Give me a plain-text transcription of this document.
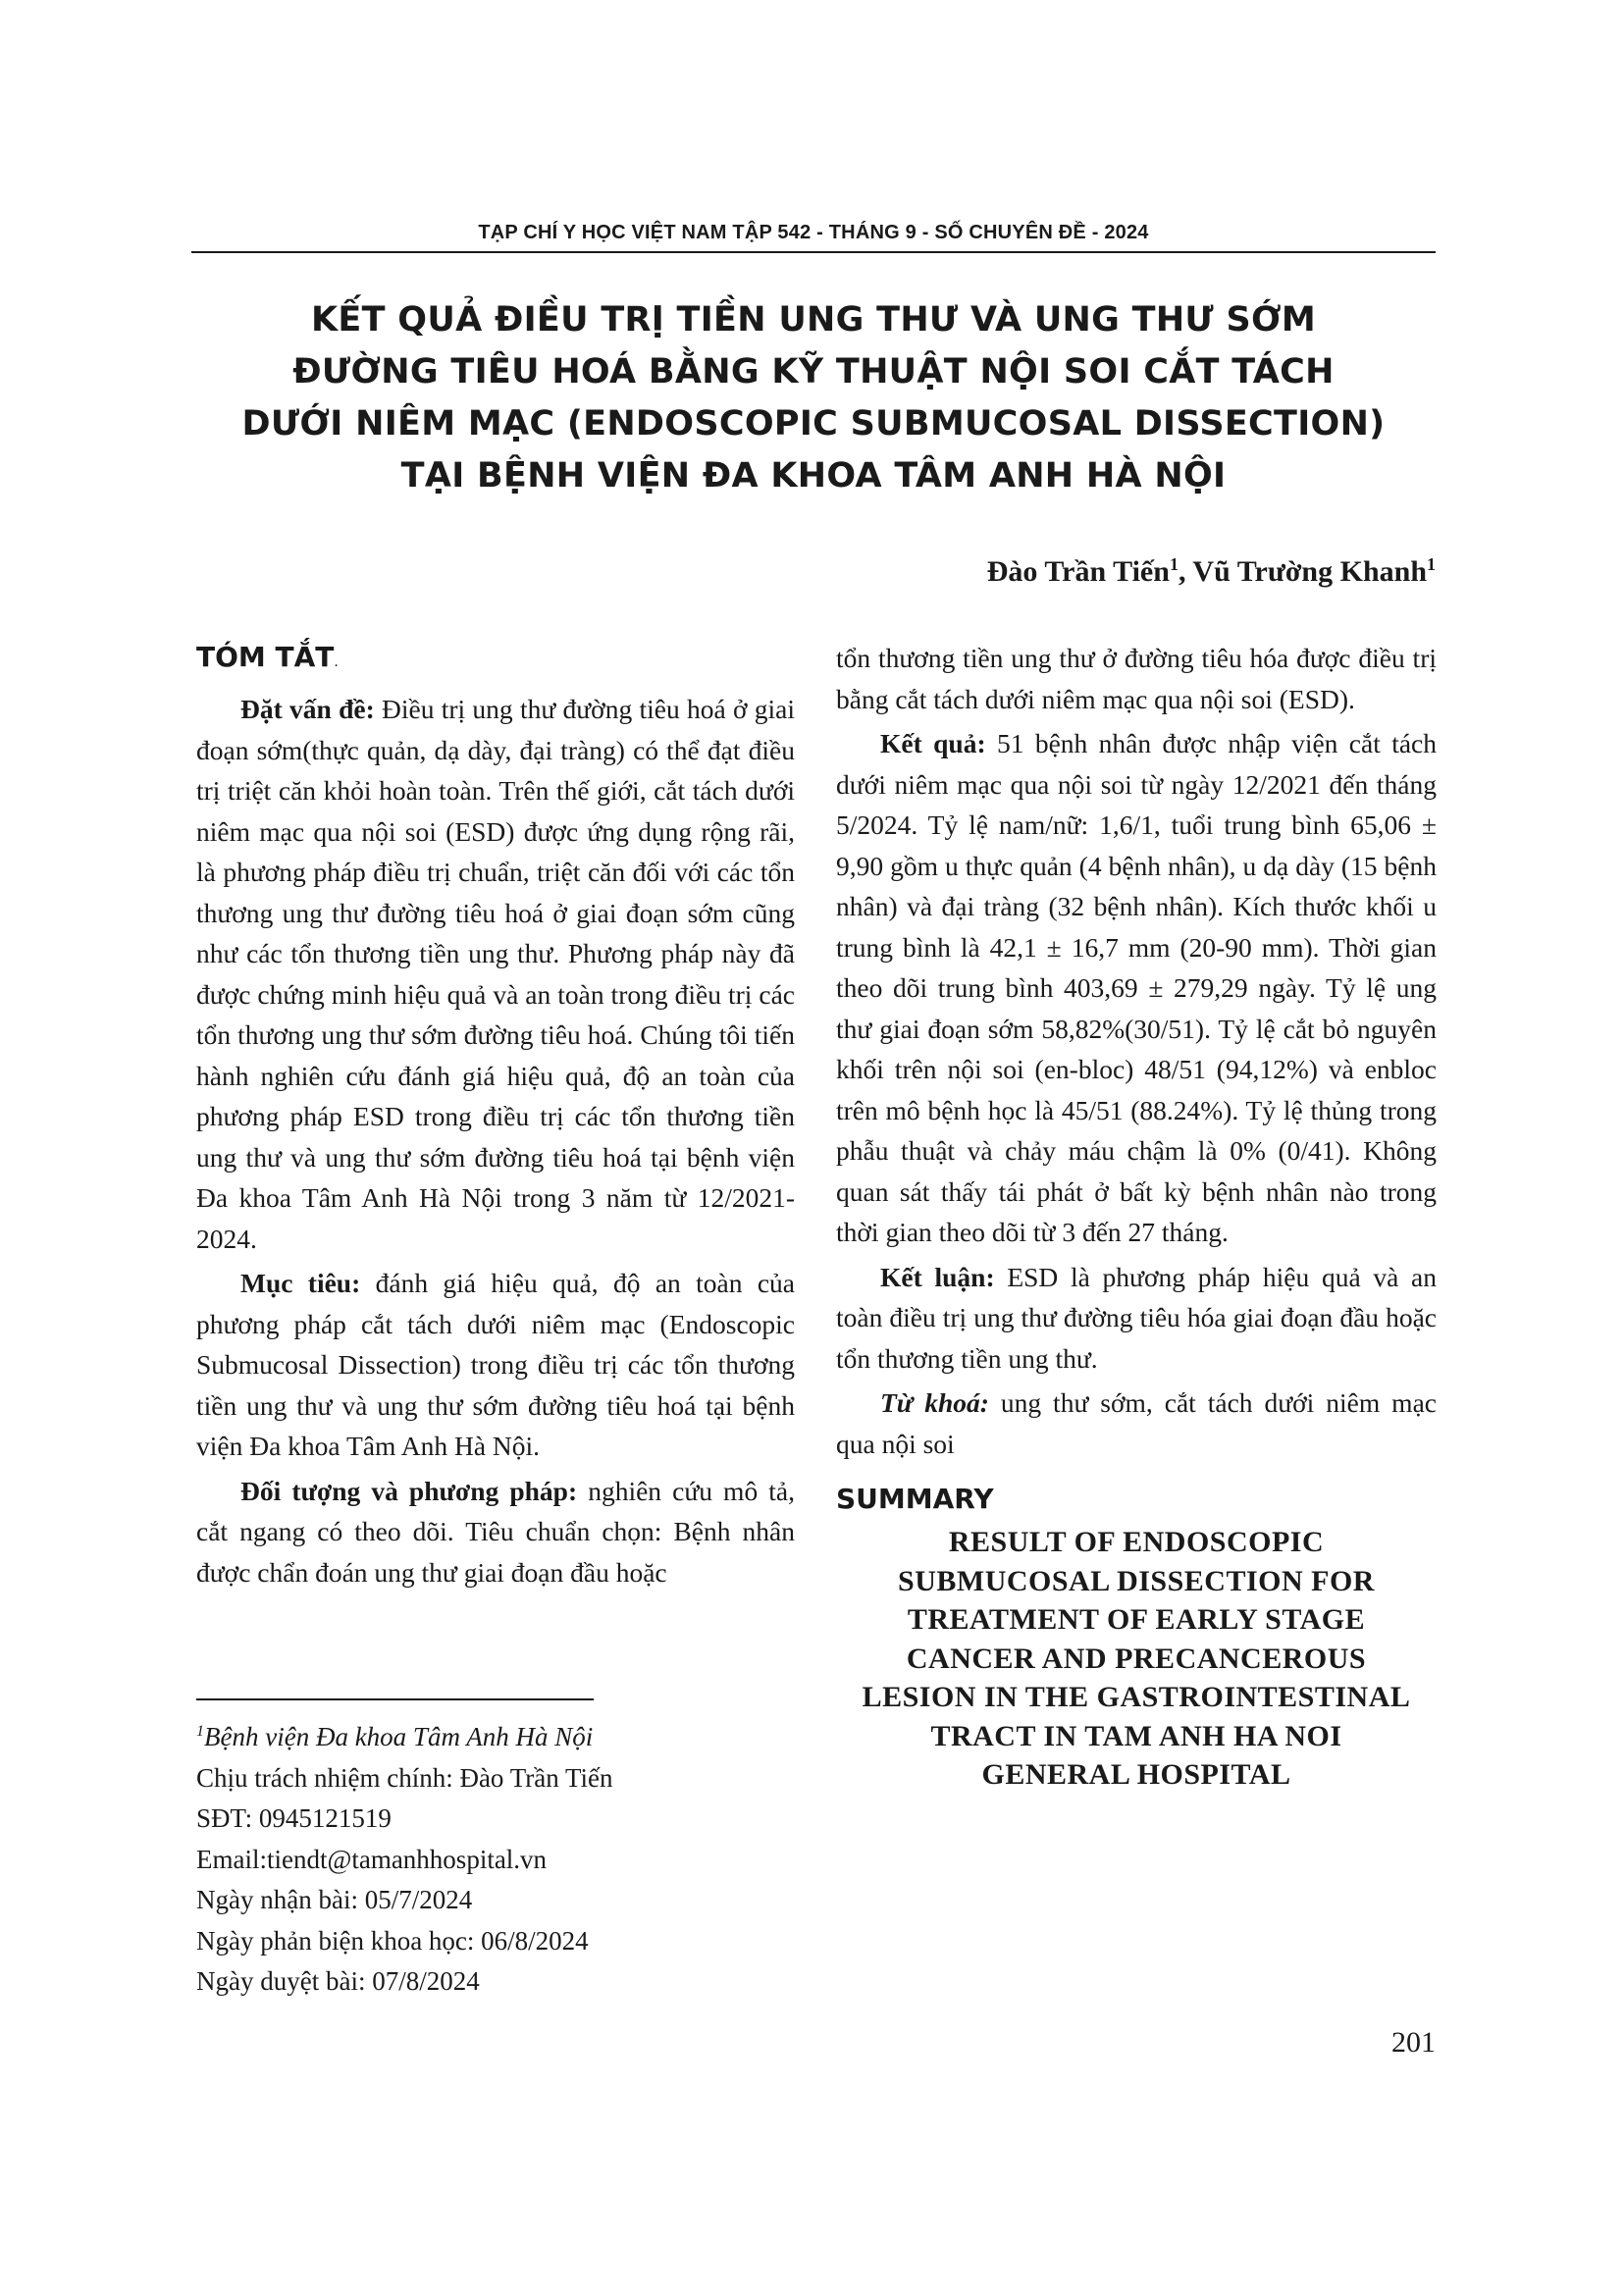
TẠP CHÍ Y HỌC VIỆT NAM TẬP 542 - THÁNG 9 - SỐ CHUYÊN ĐỀ - 2024
KẾT QUẢ ĐIỀU TRỊ TIỀN UNG THƯ VÀ UNG THƯ SỚM
ĐƯỜNG TIÊU HOÁ BẰNG KỸ THUẬT NỘI SOI CẮT TÁCH
DƯỚI NIÊM MẠC (ENDOSCOPIC SUBMUCOSAL DISSECTION)
TẠI BỆNH VIỆN ĐA KHOA TÂM ANH HÀ NỘI
Đào Trần Tiến$^1$, Vũ Trường Khanh$^1$
TÓM TẮT.

Đặt vấn đề: Điều trị ung thư đường tiêu hoá ở giai đoạn sớm(thực quản, dạ dày, đại tràng) có thể đạt điều trị triệt căn khỏi hoàn toàn. Trên thế giới, cắt tách dưới niêm mạc qua nội soi (ESD) được ứng dụng rộng rãi, là phương pháp điều trị chuẩn, triệt căn đối với các tổn thương ung thư đường tiêu hoá ở giai đoạn sớm cũng như các tổn thương tiền ung thư. Phương pháp này đã được chứng minh hiệu quả và an toàn trong điều trị các tổn thương ung thư sớm đường tiêu hoá. Chúng tôi tiến hành nghiên cứu đánh giá hiệu quả, độ an toàn của phương pháp ESD trong điều trị các tổn thương tiền ung thư và ung thư sớm đường tiêu hoá tại bệnh viện Đa khoa Tâm Anh Hà Nội trong 3 năm từ 12/2021- 2024.

Mục tiêu: đánh giá hiệu quả, độ an toàn của phương pháp cắt tách dưới niêm mạc (Endoscopic Submucosal Dissection) trong điều trị các tổn thương tiền ung thư và ung thư sớm đường tiêu hoá tại bệnh viện Đa khoa Tâm Anh Hà Nội.

Đối tượng và phương pháp: nghiên cứu mô tả, cắt ngang có theo dõi. Tiêu chuẩn chọn: Bệnh nhân được chẩn đoán ung thư giai đoạn đầu hoặc

$^1$Bệnh viện Đa khoa Tâm Anh Hà Nội
Chịu trách nhiệm chính: Đào Trần Tiến
SĐT: 0945121519
Email:tiendt@tamanhhospital.vn
Ngày nhận bài: 05/7/2024
Ngày phản biện khoa học: 06/8/2024
Ngày duyệt bài: 07/8/2024

tổn thương tiền ung thư ở đường tiêu hóa được điều trị bằng cắt tách dưới niêm mạc qua nội soi (ESD).

Kết quả: 51 bệnh nhân được nhập viện cắt tách dưới niêm mạc qua nội soi từ ngày 12/2021 đến tháng 5/2024. Tỷ lệ nam/nữ: 1,6/1, tuổi trung bình 65,06 ± 9,90 gồm u thực quản (4 bệnh nhân), u dạ dày (15 bệnh nhân) và đại tràng (32 bệnh nhân). Kích thước khối u trung bình là 42,1 ± 16,7 mm (20-90 mm). Thời gian theo dõi trung bình 403,69 ± 279,29 ngày. Tỷ lệ ung thư giai đoạn sớm 58,82%(30/51). Tỷ lệ cắt bỏ nguyên khối trên nội soi (en-bloc) 48/51 (94,12%) và enbloc trên mô bệnh học là 45/51 (88.24%). Tỷ lệ thủng trong phẫu thuật và chảy máu chậm là 0% (0/41). Không quan sát thấy tái phát ở bất kỳ bệnh nhân nào trong thời gian theo dõi từ 3 đến 27 tháng.

Kết luận: ESD là phương pháp hiệu quả và an toàn điều trị ung thư đường tiêu hóa giai đoạn đầu hoặc tổn thương tiền ung thư.

Từ khoá: ung thư sớm, cắt tách dưới niêm mạc qua nội soi

SUMMARY
RESULT OF ENDOSCOPIC
SUBMUCOSAL DISSECTION FOR
TREATMENT OF EARLY STAGE
CANCER AND PRECANCEROUS
LESION IN THE GASTROINTESTINAL
TRACT IN TAM ANH HA NOI
GENERAL HOSPITAL
201
